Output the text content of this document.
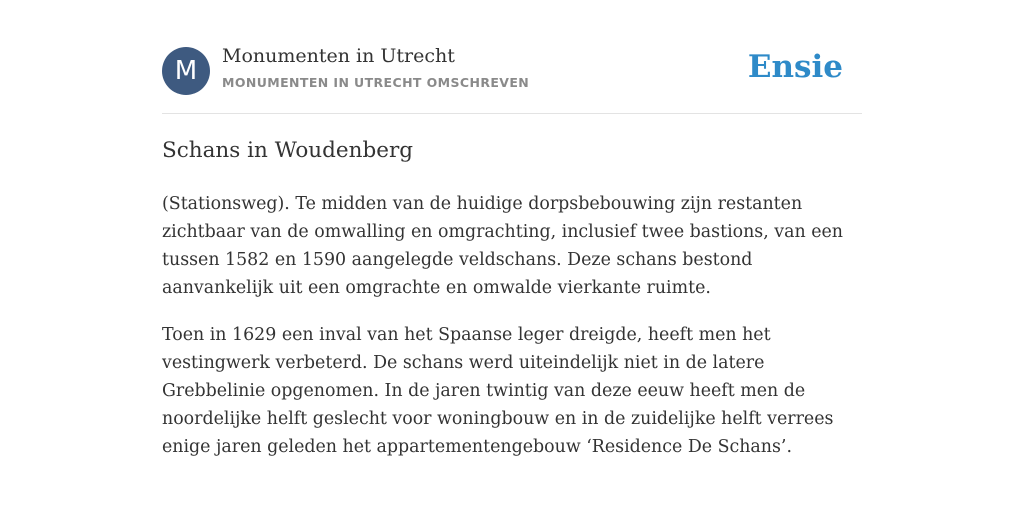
M	Monumenten in Utrecht
MONUMENTEN IN UTRECHT OMSCHREVEN	Ensie
Schans in Woudenberg

(Stationsweg). Te midden van de huidige dorpsbebouwing zijn restanten zichtbaar van de omwalling en omgrachting, inclusief twee bastions, van een tussen 1582 en 1590 aangelegde veldschans. Deze schans bestond aanvankelijk uit een omgrachte en omwalde vierkante ruimte.

Toen in 1629 een inval van het Spaanse leger dreigde, heeft men het vestingwerk verbeterd. De schans werd uiteindelijk niet in de latere Grebbelinie opgenomen. In de jaren twintig van deze eeuw heeft men de noordelijke helft geslecht voor woningbouw en in de zuidelijke helft verrees enige jaren geleden het appartementengebouw ‘Residence De Schans’.
